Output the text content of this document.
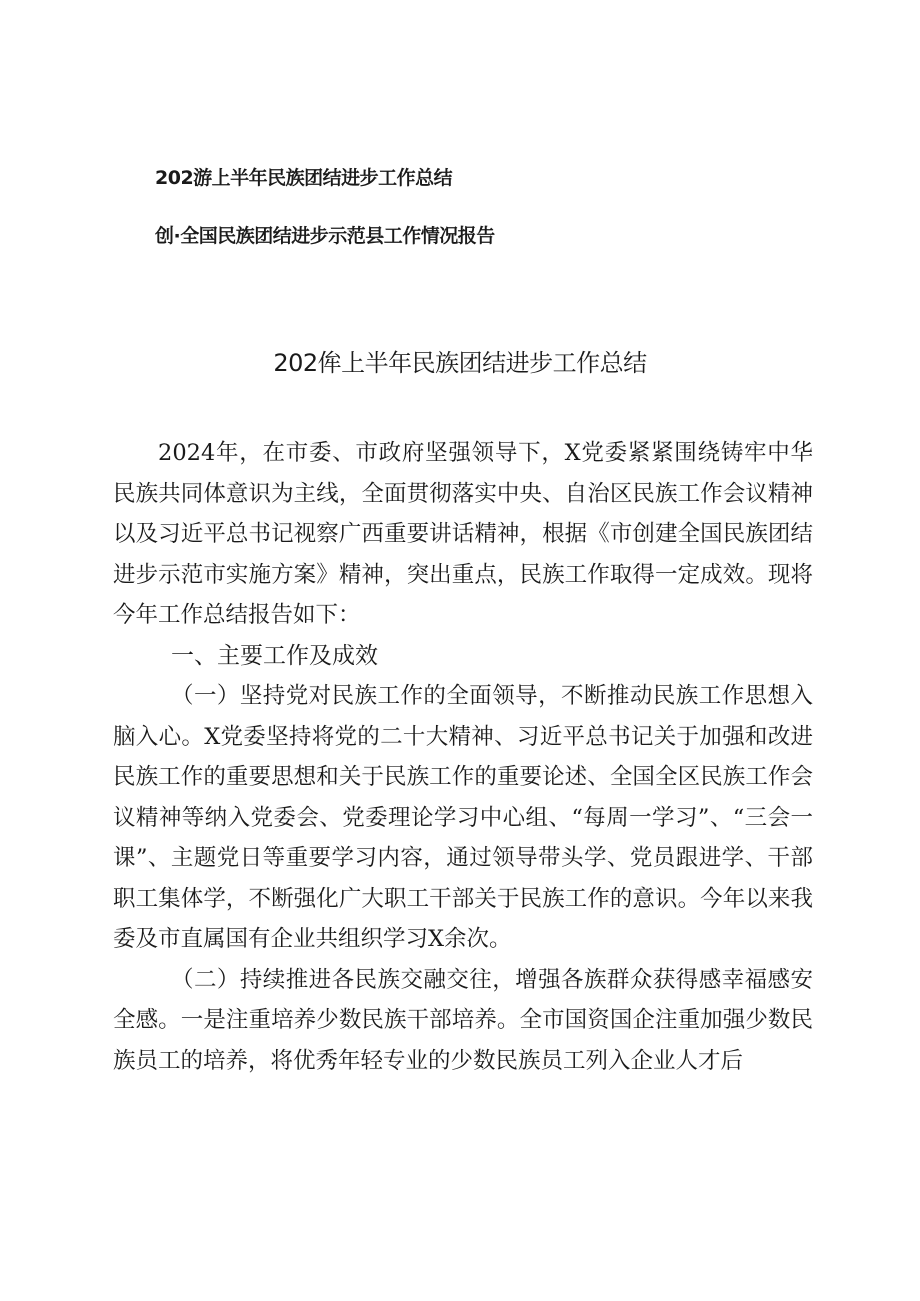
202游上半年民族团结进步工作总结
创·全国民族团结进步示范县工作情况报告
202侔上半年民族团结进步工作总结

2024年，在市委、市政府坚强领导下，X党委紧紧围绕铸牢中华民族共同体意识为主线，全面贯彻落实中央、自治区民族工作会议精神以及习近平总书记视察广西重要讲话精神，根据《市创建全国民族团结进步示范市实施方案》精神，突出重点，民族工作取得一定成效。现将今年工作总结报告如下：

一、主要工作及成效

（一）坚持党对民族工作的全面领导，不断推动民族工作思想入脑入心。X党委坚持将党的二十大精神、习近平总书记关于加强和改进民族工作的重要思想和关于民族工作的重要论述、全国全区民族工作会议精神等纳入党委会、党委理论学习中心组、“每周一学习”、“三会一课”、主题党日等重要学习内容，通过领导带头学、党员跟进学、干部职工集体学，不断强化广大职工干部关于民族工作的意识。今年以来我委及市直属国有企业共组织学习X余次。

（二）持续推进各民族交融交往，增强各族群众获得感幸福感安全感。一是注重培养少数民族干部培养。全市国资国企注重加强少数民族员工的培养，将优秀年轻专业的少数民族员工列入企业人才后
